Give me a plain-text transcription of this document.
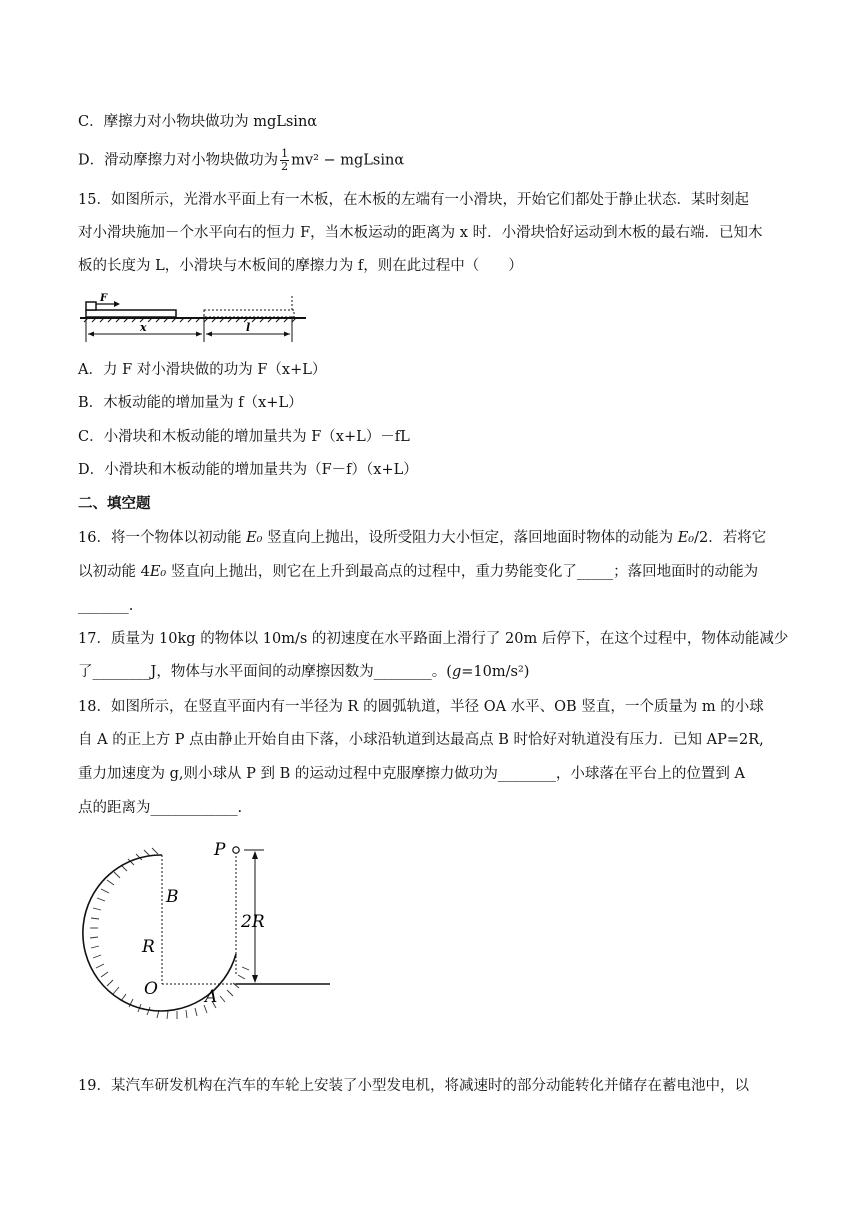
C．摩擦力对小物块做功为 mgLsinα
D．滑动摩擦力对小物块做功为 $\frac{1}{2} mv^2 - mgLsin\alpha$
15．如图所示，光滑水平面上有一木板，在木板的左端有一小滑块，开始它们都处于静止状态．某时刻起
对小滑块施加－个水平向右的恒力 F，当木板运动的距离为 x 时．小滑块恰好运动到木板的最右端．已知木
板的长度为 L，小滑块与木板间的摩擦力为 f，则在此过程中（　　）
F
x	l
A．力 F 对小滑块做的功为 F（x+L）
B．木板动能的增加量为 f（x+L）
C．小滑块和木板动能的增加量共为 F（x+L）－fL
D．小滑块和木板动能的增加量共为（F－f）（x+L）
二、填空题
16．将一个物体以初动能 E₀ 竖直向上抛出，设所受阻力大小恒定，落回地面时物体的动能为 E₀/2．若将它
以初动能 4E₀ 竖直向上抛出，则它在上升到最高点的过程中，重力势能变化了_____；落回地面时的动能为
_______.
17．质量为 10kg 的物体以 10m/s 的初速度在水平路面上滑行了 20m 后停下，在这个过程中，物体动能减少
了________J，物体与水平面间的动摩擦因数为________。(g=10m/s²)
18．如图所示，在竖直平面内有一半径为 R 的圆弧轨道，半径 OA 水平、OB 竖直，一个质量为 m 的小球
自 A 的正上方 P 点由静止开始自由下落，小球沿轨道到达最高点 B 时恰好对轨道没有压力．已知 AP=2R,
重力加速度为 g,则小球从 P 到 B 的运动过程中克服摩擦力做功为________，小球落在平台上的位置到 A
点的距离为____________.
P
B
R
O	A
2R
19．某汽车研发机构在汽车的车轮上安装了小型发电机，将减速时的部分动能转化并储存在蓄电池中，以
